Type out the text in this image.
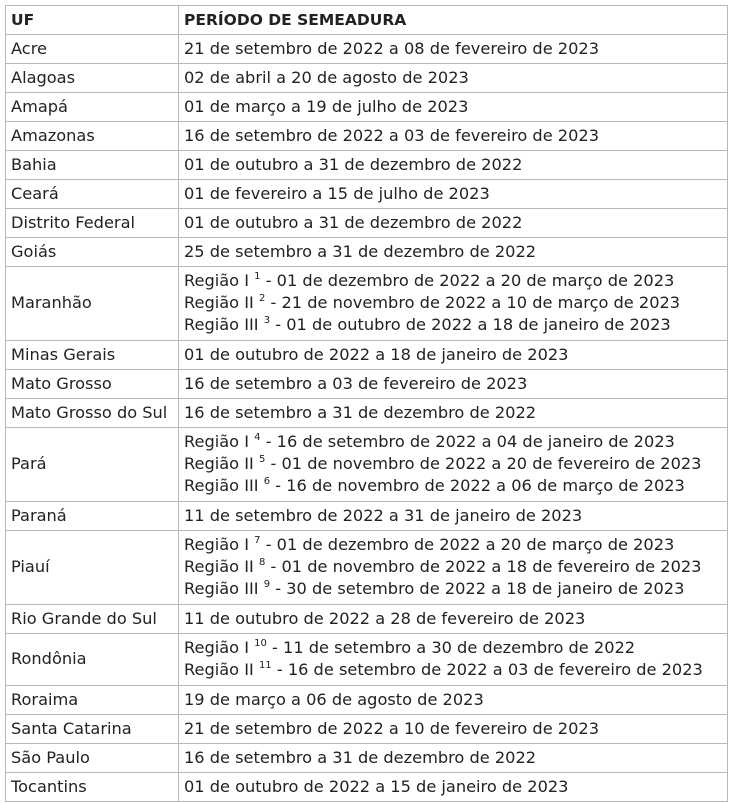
UF	PERÍODO DE SEMEADURA
Acre	21 de setembro de 2022 a 08 de fevereiro de 2023

Alagoas	02 de abril a 20 de agosto de 2023

Amapá	01 de março a 19 de julho de 2023

Amazonas	16 de setembro de 2022 a 03 de fevereiro de 2023

Bahia	01 de outubro a 31 de dezembro de 2022

Ceará	01 de fevereiro a 15 de julho de 2023

Distrito Federal	01 de outubro a 31 de dezembro de 2022

Goiás	25 de setembro a 31 de dezembro de 2022

Maranhão	Região I $^1$ - 01 de dezembro de 2022 a 20 de março de 2023
Região II $^2$ - 21 de novembro de 2022 a 10 de março de 2023
Região III $^3$ - 01 de outubro de 2022 a 18 de janeiro de 2023

Minas Gerais	01 de outubro de 2022 a 18 de janeiro de 2023

Mato Grosso	16 de setembro a 03 de fevereiro de 2023

Mato Grosso do Sul	16 de setembro a 31 de dezembro de 2022

Pará	Região I $^4$ - 16 de setembro de 2022 a 04 de janeiro de 2023
Região II $^5$ - 01 de novembro de 2022 a 20 de fevereiro de 2023
Região III $^6$ - 16 de novembro de 2022 a 06 de março de 2023

Paraná	11 de setembro de 2022 a 31 de janeiro de 2023

Piauí	Região I $^7$ - 01 de dezembro de 2022 a 20 de março de 2023
Região II $^8$ - 01 de novembro de 2022 a 18 de fevereiro de 2023
Região III $^9$ - 30 de setembro de 2022 a 18 de janeiro de 2023

Rio Grande do Sul	11 de outubro de 2022 a 28 de fevereiro de 2023

Rondônia	Região I $^{10}$ - 11 de setembro a 30 de dezembro de 2022
Região II $^{11}$ - 16 de setembro de 2022 a 03 de fevereiro de 2023

Roraima	19 de março a 06 de agosto de 2023

Santa Catarina	21 de setembro de 2022 a 10 de fevereiro de 2023

São Paulo	16 de setembro a 31 de dezembro de 2022

Tocantins	01 de outubro de 2022 a 15 de janeiro de 2023
